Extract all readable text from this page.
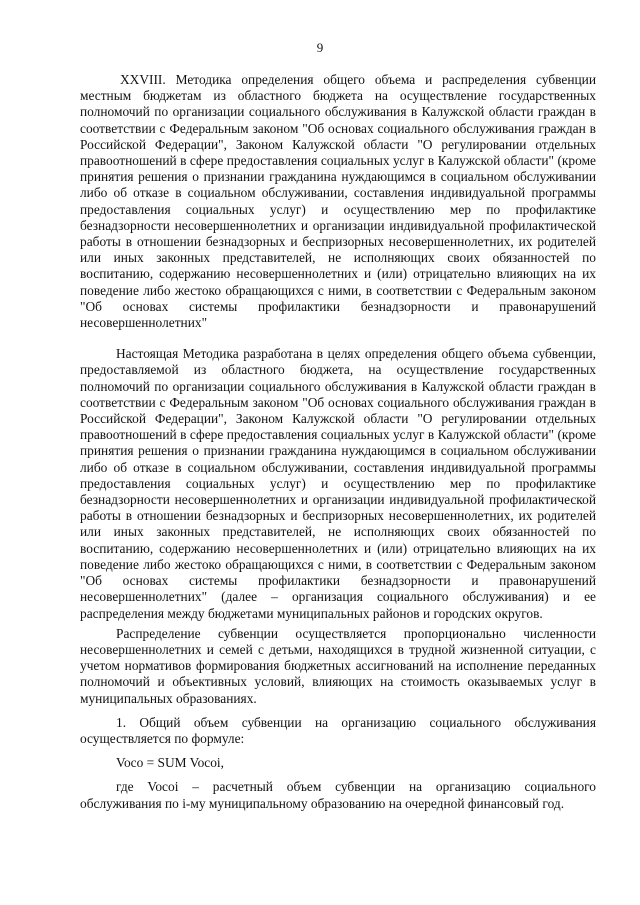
9

XXVIII. Методика определения общего объема и распределения субвенции местным бюджетам из областного бюджета на осуществление государственных полномочий по организации социального обслуживания в Калужской области граждан в соответствии с Федеральным законом "Об основах социального обслуживания граждан в Российской Федерации", Законом Калужской области "О регулировании отдельных правоотношений в сфере предоставления социальных услуг в Калужской области" (кроме принятия решения о признании гражданина нуждающимся в социальном обслуживании либо об отказе в социальном обслуживании, составления индивидуальной программы предоставления социальных услуг) и осуществлению мер по профилактике безнадзорности несовершеннолетних и организации индивидуальной профилактической работы в отношении безнадзорных и беспризорных несовершеннолетних, их родителей или иных законных представителей, не исполняющих своих обязанностей по воспитанию, содержанию несовершеннолетних и (или) отрицательно влияющих на их поведение либо жестоко обращающихся с ними, в соответствии с Федеральным законом "Об основах системы профилактики безнадзорности и правонарушений несовершеннолетних"

Настоящая Методика разработана в целях определения общего объема субвенции, предоставляемой из областного бюджета, на осуществление государственных полномочий по организации социального обслуживания в Калужской области граждан в соответствии с Федеральным законом "Об основах социального обслуживания граждан в Российской Федерации", Законом Калужской области "О регулировании отдельных правоотношений в сфере предоставления социальных услуг в Калужской области" (кроме принятия решения о признании гражданина нуждающимся в социальном обслуживании либо об отказе в социальном обслуживании, составления индивидуальной программы предоставления социальных услуг) и осуществлению мер по профилактике безнадзорности несовершеннолетних и организации индивидуальной профилактической работы в отношении безнадзорных и беспризорных несовершеннолетних, их родителей или иных законных представителей, не исполняющих своих обязанностей по воспитанию, содержанию несовершеннолетних и (или) отрицательно влияющих на их поведение либо жестоко обращающихся с ними, в соответствии с Федеральным законом "Об основах системы профилактики безнадзорности и правонарушений несовершеннолетних" (далее – организация социального обслуживания) и ее распределения между бюджетами муниципальных районов и городских округов.

Распределение субвенции осуществляется пропорционально численности несовершеннолетних и семей с детьми, находящихся в трудной жизненной ситуации, с учетом нормативов формирования бюджетных ассигнований на исполнение переданных полномочий и объективных условий, влияющих на стоимость оказываемых услуг в муниципальных образованиях.

1. Общий объем субвенции на организацию социального обслуживания осуществляется по формуле:

Voco = SUM Vocoi,

где Vocoi – расчетный объем субвенции на организацию социального обслуживания по i-му муниципальному образованию на очередной финансовый год.
